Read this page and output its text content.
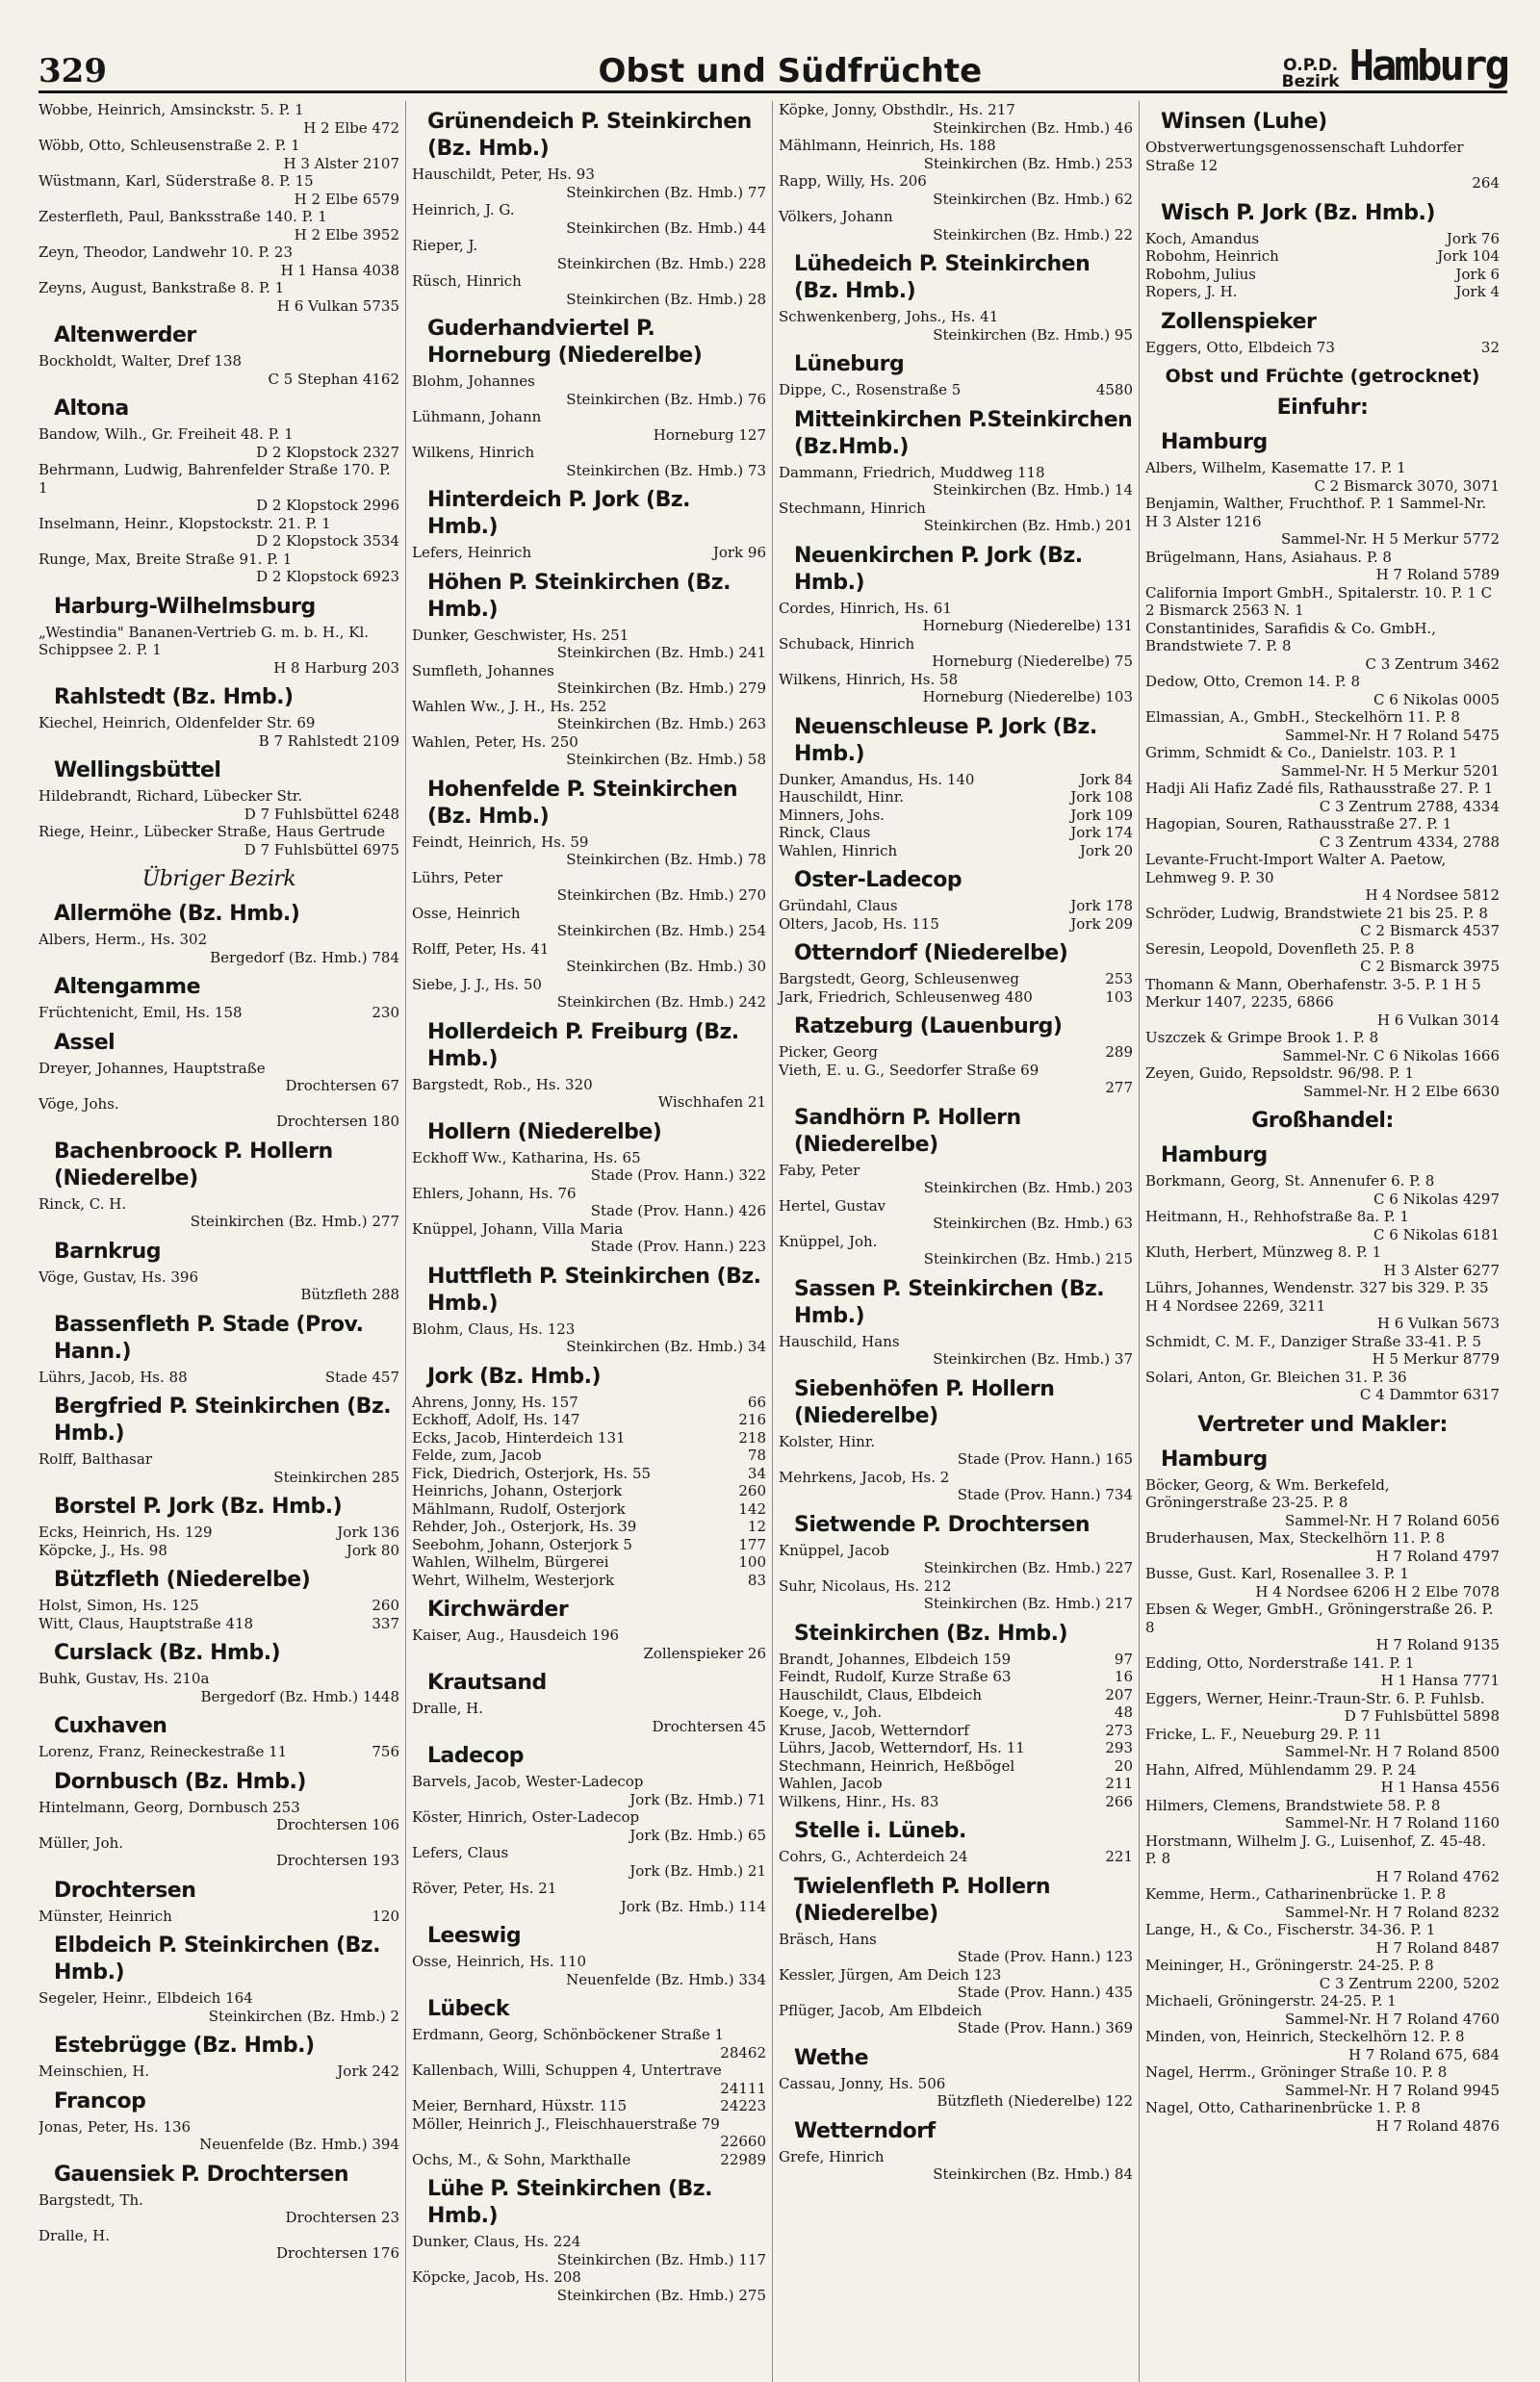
329	Obst und Südfrüchte	O.P.D.
Bezirk Hamburg
Wobbe, Heinrich, Amsinckstr. 5. P. 1
H 2 Elbe 472
Wöbb, Otto, Schleusenstraße 2. P. 1
H 3 Alster 2107
Wüstmann, Karl, Süderstraße 8. P. 15
H 2 Elbe 6579
Zesterfleth, Paul, Banksstraße 140. P. 1
H 2 Elbe 3952
Zeyn, Theodor, Landwehr 10. P. 23
H 1 Hansa 4038
Zeyns, August, Bankstraße 8. P. 1
H 6 Vulkan 5735
Altenwerder
Bockholdt, Walter, Dref 138
C 5 Stephan 4162
Altona
Bandow, Wilh., Gr. Freiheit 48. P. 1
D 2 Klopstock 2327
Behrmann, Ludwig, Bahrenfelder Straße 170. P. 1
D 2 Klopstock 2996
Inselmann, Heinr., Klopstockstr. 21. P. 1
D 2 Klopstock 3534
Runge, Max, Breite Straße 91. P. 1
D 2 Klopstock 6923
Harburg-Wilhelmsburg
„Westindia" Bananen-Vertrieb G. m. b. H., Kl. Schippsee 2. P. 1
H 8 Harburg 203
Rahlstedt (Bz. Hmb.)
Kiechel, Heinrich, Oldenfelder Str. 69
B 7 Rahlstedt 2109
Wellingsbüttel
Hildebrandt, Richard, Lübecker Str.
D 7 Fuhlsbüttel 6248
Riege, Heinr., Lübecker Straße, Haus Gertrude
D 7 Fuhlsbüttel 6975
Übriger Bezirk
Allermöhe (Bz. Hmb.)
Albers, Herm., Hs. 302
Bergedorf (Bz. Hmb.) 784
Altengamme
Früchtenicht, Emil, Hs. 158	230
Assel
Dreyer, Johannes, Hauptstraße
Drochtersen 67
Vöge, Johs.
Drochtersen 180
Bachenbroock P. Hollern (Niederelbe)
Rinck, C. H.
Steinkirchen (Bz. Hmb.) 277
Barnkrug
Vöge, Gustav, Hs. 396
Bützfleth 288
Bassenfleth P. Stade (Prov. Hann.)
Lührs, Jacob, Hs. 88	Stade 457
Bergfried P. Steinkirchen (Bz. Hmb.)
Rolff, Balthasar
Steinkirchen 285
Borstel P. Jork (Bz. Hmb.)
Ecks, Heinrich, Hs. 129	Jork 136
Köpcke, J., Hs. 98	Jork 80
Bützfleth (Niederelbe)
Holst, Simon, Hs. 125	260
Witt, Claus, Hauptstraße 418	337
Curslack (Bz. Hmb.)
Buhk, Gustav, Hs. 210a
Bergedorf (Bz. Hmb.) 1448
Cuxhaven
Lorenz, Franz, Reineckestraße 11	756
Dornbusch (Bz. Hmb.)
Hintelmann, Georg, Dornbusch 253
Drochtersen 106
Müller, Joh.
Drochtersen 193
Drochtersen
Münster, Heinrich	120
Elbdeich P. Steinkirchen (Bz. Hmb.)
Segeler, Heinr., Elbdeich 164
Steinkirchen (Bz. Hmb.) 2
Estebrügge (Bz. Hmb.)
Meinschien, H.	Jork 242
Francop
Jonas, Peter, Hs. 136
Neuenfelde (Bz. Hmb.) 394
Gauensiek P. Drochtersen
Bargstedt, Th.
Drochtersen 23
Dralle, H.
Drochtersen 176
Grünendeich P. Steinkirchen (Bz. Hmb.)
Hauschildt, Peter, Hs. 93
Steinkirchen (Bz. Hmb.) 77
Heinrich, J. G.
Steinkirchen (Bz. Hmb.) 44
Rieper, J.
Steinkirchen (Bz. Hmb.) 228
Rüsch, Hinrich
Steinkirchen (Bz. Hmb.) 28
Guderhandviertel P. Horneburg (Niederelbe)
Blohm, Johannes
Steinkirchen (Bz. Hmb.) 76
Lühmann, Johann
Horneburg 127
Wilkens, Hinrich
Steinkirchen (Bz. Hmb.) 73
Hinterdeich P. Jork (Bz. Hmb.)
Lefers, Heinrich	Jork 96
Höhen P. Steinkirchen (Bz. Hmb.)
Dunker, Geschwister, Hs. 251
Steinkirchen (Bz. Hmb.) 241
Sumfleth, Johannes
Steinkirchen (Bz. Hmb.) 279
Wahlen Ww., J. H., Hs. 252
Steinkirchen (Bz. Hmb.) 263
Wahlen, Peter, Hs. 250
Steinkirchen (Bz. Hmb.) 58
Hohenfelde P. Steinkirchen (Bz. Hmb.)
Feindt, Heinrich, Hs. 59
Steinkirchen (Bz. Hmb.) 78
Lührs, Peter
Steinkirchen (Bz. Hmb.) 270
Osse, Heinrich
Steinkirchen (Bz. Hmb.) 254
Rolff, Peter, Hs. 41
Steinkirchen (Bz. Hmb.) 30
Siebe, J. J., Hs. 50
Steinkirchen (Bz. Hmb.) 242
Hollerdeich P. Freiburg (Bz. Hmb.)
Bargstedt, Rob., Hs. 320
Wischhafen 21
Hollern (Niederelbe)
Eckhoff Ww., Katharina, Hs. 65
Stade (Prov. Hann.) 322
Ehlers, Johann, Hs. 76
Stade (Prov. Hann.) 426
Knüppel, Johann, Villa Maria
Stade (Prov. Hann.) 223
Huttfleth P. Steinkirchen (Bz. Hmb.)
Blohm, Claus, Hs. 123
Steinkirchen (Bz. Hmb.) 34
Jork (Bz. Hmb.)
Ahrens, Jonny, Hs. 157	66
Eckhoff, Adolf, Hs. 147	216
Ecks, Jacob, Hinterdeich 131	218
Felde, zum, Jacob	78
Fick, Diedrich, Osterjork, Hs. 55	34
Heinrichs, Johann, Osterjork	260
Mählmann, Rudolf, Osterjork	142
Rehder, Joh., Osterjork, Hs. 39	12
Seebohm, Johann, Osterjork 5	177
Wahlen, Wilhelm, Bürgerei	100
Wehrt, Wilhelm, Westerjork	83
Kirchwärder
Kaiser, Aug., Hausdeich 196
Zollenspieker 26
Krautsand
Dralle, H.
Drochtersen 45
Ladecop
Barvels, Jacob, Wester-Ladecop
Jork (Bz. Hmb.) 71
Köster, Hinrich, Oster-Ladecop
Jork (Bz. Hmb.) 65
Lefers, Claus
Jork (Bz. Hmb.) 21
Röver, Peter, Hs. 21
Jork (Bz. Hmb.) 114
Leeswig
Osse, Heinrich, Hs. 110
Neuenfelde (Bz. Hmb.) 334
Lübeck
Erdmann, Georg, Schönböckener Straße 1
28462
Kallenbach, Willi, Schuppen 4, Untertrave
24111
Meier, Bernhard, Hüxstr. 115	24223
Möller, Heinrich J., Fleischhauerstraße 79
22660
Ochs, M., & Sohn, Markthalle	22989
Lühe P. Steinkirchen (Bz. Hmb.)
Dunker, Claus, Hs. 224
Steinkirchen (Bz. Hmb.) 117
Köpcke, Jacob, Hs. 208
Steinkirchen (Bz. Hmb.) 275
Köpke, Jonny, Obsthdlr., Hs. 217
Steinkirchen (Bz. Hmb.) 46
Mählmann, Heinrich, Hs. 188
Steinkirchen (Bz. Hmb.) 253
Rapp, Willy, Hs. 206
Steinkirchen (Bz. Hmb.) 62
Völkers, Johann
Steinkirchen (Bz. Hmb.) 22
Lühedeich P. Steinkirchen (Bz. Hmb.)
Schwenkenberg, Johs., Hs. 41
Steinkirchen (Bz. Hmb.) 95
Lüneburg
Dippe, C., Rosenstraße 5	4580
Mitteinkirchen P.Steinkirchen (Bz.Hmb.)
Dammann, Friedrich, Muddweg 118
Steinkirchen (Bz. Hmb.) 14
Stechmann, Hinrich
Steinkirchen (Bz. Hmb.) 201
Neuenkirchen P. Jork (Bz. Hmb.)
Cordes, Hinrich, Hs. 61
Horneburg (Niederelbe) 131
Schuback, Hinrich
Horneburg (Niederelbe) 75
Wilkens, Hinrich, Hs. 58
Horneburg (Niederelbe) 103
Neuenschleuse P. Jork (Bz. Hmb.)
Dunker, Amandus, Hs. 140	Jork 84
Hauschildt, Hinr.	Jork 108
Minners, Johs.	Jork 109
Rinck, Claus	Jork 174
Wahlen, Hinrich	Jork 20
Oster-Ladecop
Gründahl, Claus	Jork 178
Olters, Jacob, Hs. 115	Jork 209
Otterndorf (Niederelbe)
Bargstedt, Georg, Schleusenweg	253
Jark, Friedrich, Schleusenweg 480	103
Ratzeburg (Lauenburg)
Picker, Georg	289
Vieth, E. u. G., Seedorfer Straße 69
277
Sandhörn P. Hollern (Niederelbe)
Faby, Peter
Steinkirchen (Bz. Hmb.) 203
Hertel, Gustav
Steinkirchen (Bz. Hmb.) 63
Knüppel, Joh.
Steinkirchen (Bz. Hmb.) 215
Sassen P. Steinkirchen (Bz. Hmb.)
Hauschild, Hans
Steinkirchen (Bz. Hmb.) 37
Siebenhöfen P. Hollern (Niederelbe)
Kolster, Hinr.
Stade (Prov. Hann.) 165
Mehrkens, Jacob, Hs. 2
Stade (Prov. Hann.) 734
Sietwende P. Drochtersen
Knüppel, Jacob
Steinkirchen (Bz. Hmb.) 227
Suhr, Nicolaus, Hs. 212
Steinkirchen (Bz. Hmb.) 217
Steinkirchen (Bz. Hmb.)
Brandt, Johannes, Elbdeich 159	97
Feindt, Rudolf, Kurze Straße 63	16
Hauschildt, Claus, Elbdeich	207
Koege, v., Joh.	48
Kruse, Jacob, Wetterndorf	273
Lührs, Jacob, Wetterndorf, Hs. 11	293
Stechmann, Heinrich, Heßbögel	20
Wahlen, Jacob	211
Wilkens, Hinr., Hs. 83	266
Stelle i. Lüneb.
Cohrs, G., Achterdeich 24	221
Twielenfleth P. Hollern (Niederelbe)
Bräsch, Hans
Stade (Prov. Hann.) 123
Kessler, Jürgen, Am Deich 123
Stade (Prov. Hann.) 435
Pflüger, Jacob, Am Elbdeich
Stade (Prov. Hann.) 369
Wethe
Cassau, Jonny, Hs. 506
Bützfleth (Niederelbe) 122
Wetterndorf
Grefe, Hinrich
Steinkirchen (Bz. Hmb.) 84
Winsen (Luhe)
Obstverwertungsgenossenschaft Luhdorfer Straße 12
264
Wisch P. Jork (Bz. Hmb.)
Koch, Amandus	Jork 76
Robohm, Heinrich	Jork 104
Robohm, Julius	Jork 6
Ropers, J. H.	Jork 4
Zollenspieker
Eggers, Otto, Elbdeich 73	32
Obst und Früchte (getrocknet)
Einfuhr:
Hamburg
Albers, Wilhelm, Kasematte 17. P. 1
C 2 Bismarck 3070, 3071
Benjamin, Walther, Fruchthof. P. 1 Sammel-Nr. H 3 Alster 1216
Sammel-Nr. H 5 Merkur 5772
Brügelmann, Hans, Asiahaus. P. 8
H 7 Roland 5789
California Import GmbH., Spitalerstr. 10. P. 1 C 2 Bismarck 2563 N. 1
Constantinides, Sarafidis & Co. GmbH., Brandstwiete 7. P. 8
C 3 Zentrum 3462
Dedow, Otto, Cremon 14. P. 8
C 6 Nikolas 0005
Elmassian, A., GmbH., Steckelhörn 11. P. 8
Sammel-Nr. H 7 Roland 5475
Grimm, Schmidt & Co., Danielstr. 103. P. 1
Sammel-Nr. H 5 Merkur 5201
Hadji Ali Hafiz Zadé fils, Rathausstraße 27. P. 1
C 3 Zentrum 2788, 4334
Hagopian, Souren, Rathausstraße 27. P. 1
C 3 Zentrum 4334, 2788
Levante-Frucht-Import Walter A. Paetow, Lehmweg 9. P. 30
H 4 Nordsee 5812
Schröder, Ludwig, Brandstwiete 21 bis 25. P. 8
C 2 Bismarck 4537
Seresin, Leopold, Dovenfleth 25. P. 8
C 2 Bismarck 3975
Thomann & Mann, Oberhafenstr. 3-5. P. 1 H 5 Merkur 1407, 2235, 6866
H 6 Vulkan 3014
Uszczek & Grimpe Brook 1. P. 8
Sammel-Nr. C 6 Nikolas 1666
Zeyen, Guido, Repsoldstr. 96/98. P. 1
Sammel-Nr. H 2 Elbe 6630
Großhandel:
Hamburg
Borkmann, Georg, St. Annenufer 6. P. 8
C 6 Nikolas 4297
Heitmann, H., Rehhofstraße 8a. P. 1
C 6 Nikolas 6181
Kluth, Herbert, Münzweg 8. P. 1
H 3 Alster 6277
Lührs, Johannes, Wendenstr. 327 bis 329. P. 35 H 4 Nordsee 2269, 3211
H 6 Vulkan 5673
Schmidt, C. M. F., Danziger Straße 33-41. P. 5
H 5 Merkur 8779
Solari, Anton, Gr. Bleichen 31. P. 36
C 4 Dammtor 6317
Vertreter und Makler:
Hamburg
Böcker, Georg, & Wm. Berkefeld, Gröningerstraße 23-25. P. 8
Sammel-Nr. H 7 Roland 6056
Bruderhausen, Max, Steckelhörn 11. P. 8
H 7 Roland 4797
Busse, Gust. Karl, Rosenallee 3. P. 1
H 4 Nordsee 6206 H 2 Elbe 7078
Ebsen & Weger, GmbH., Gröningerstraße 26. P. 8
H 7 Roland 9135
Edding, Otto, Norderstraße 141. P. 1
H 1 Hansa 7771
Eggers, Werner, Heinr.-Traun-Str. 6. P. Fuhlsb.
D 7 Fuhlsbüttel 5898
Fricke, L. F., Neueburg 29. P. 11
Sammel-Nr. H 7 Roland 8500
Hahn, Alfred, Mühlendamm 29. P. 24
H 1 Hansa 4556
Hilmers, Clemens, Brandstwiete 58. P. 8
Sammel-Nr. H 7 Roland 1160
Horstmann, Wilhelm J. G., Luisenhof, Z. 45-48. P. 8
H 7 Roland 4762
Kemme, Herm., Catharinenbrücke 1. P. 8
Sammel-Nr. H 7 Roland 8232
Lange, H., & Co., Fischerstr. 34-36. P. 1
H 7 Roland 8487
Meininger, H., Gröningerstr. 24-25. P. 8
C 3 Zentrum 2200, 5202
Michaeli, Gröningerstr. 24-25. P. 1
Sammel-Nr. H 7 Roland 4760
Minden, von, Heinrich, Steckelhörn 12. P. 8
H 7 Roland 675, 684
Nagel, Herrm., Gröninger Straße 10. P. 8
Sammel-Nr. H 7 Roland 9945
Nagel, Otto, Catharinenbrücke 1. P. 8
H 7 Roland 4876
